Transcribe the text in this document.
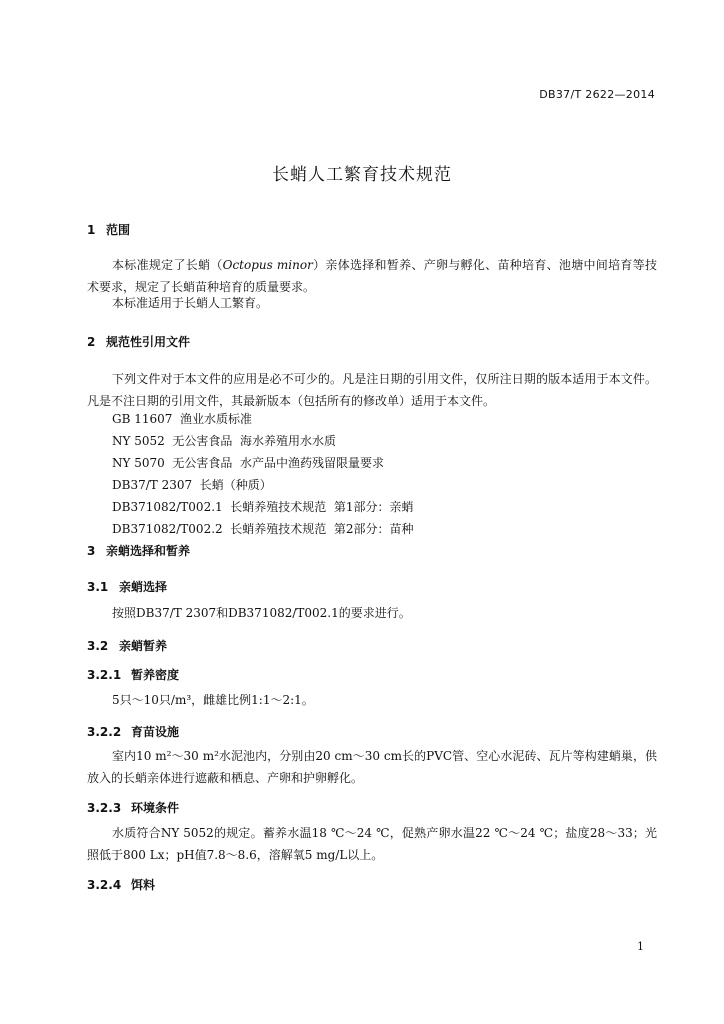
DB37/T 2622—2014
长蛸人工繁育技术规范
1 范围
本标准规定了长蛸（Octopus minor）亲体选择和暂养、产卵与孵化、苗种培育、池塘中间培育等技术要求，规定了长蛸苗种培育的质量要求。
本标准适用于长蛸人工繁育。
2 规范性引用文件
下列文件对于本文件的应用是必不可少的。凡是注日期的引用文件，仅所注日期的版本适用于本文件。凡是不注日期的引用文件，其最新版本（包括所有的修改单）适用于本文件。
GB 11607  渔业水质标准
NY 5052  无公害食品  海水养殖用水水质
NY 5070  无公害食品  水产品中渔药残留限量要求
DB37/T 2307  长蛸（种质）
DB371082/T002.1  长蛸养殖技术规范  第1部分：亲蛸
DB371082/T002.2  长蛸养殖技术规范  第2部分：苗种
3 亲蛸选择和暂养
3.1 亲蛸选择
按照DB37/T 2307和DB371082/T002.1的要求进行。
3.2 亲蛸暂养
3.2.1 暂养密度
5只～10只/m³，雌雄比例1:1～2:1。
3.2.2 育苗设施
室内10 m²～30 m²水泥池内，分别由20 cm～30 cm长的PVC管、空心水泥砖、瓦片等构建蛸巢，供放入的长蛸亲体进行遮蔽和栖息、产卵和护卵孵化。
3.2.3 环境条件
水质符合NY 5052的规定。蓄养水温18 ℃～24 ℃，促熟产卵水温22 ℃～24 ℃；盐度28～33；光照低于800 Lx；pH值7.8～8.6，溶解氧5 mg/L以上。
3.2.4 饵料
1
